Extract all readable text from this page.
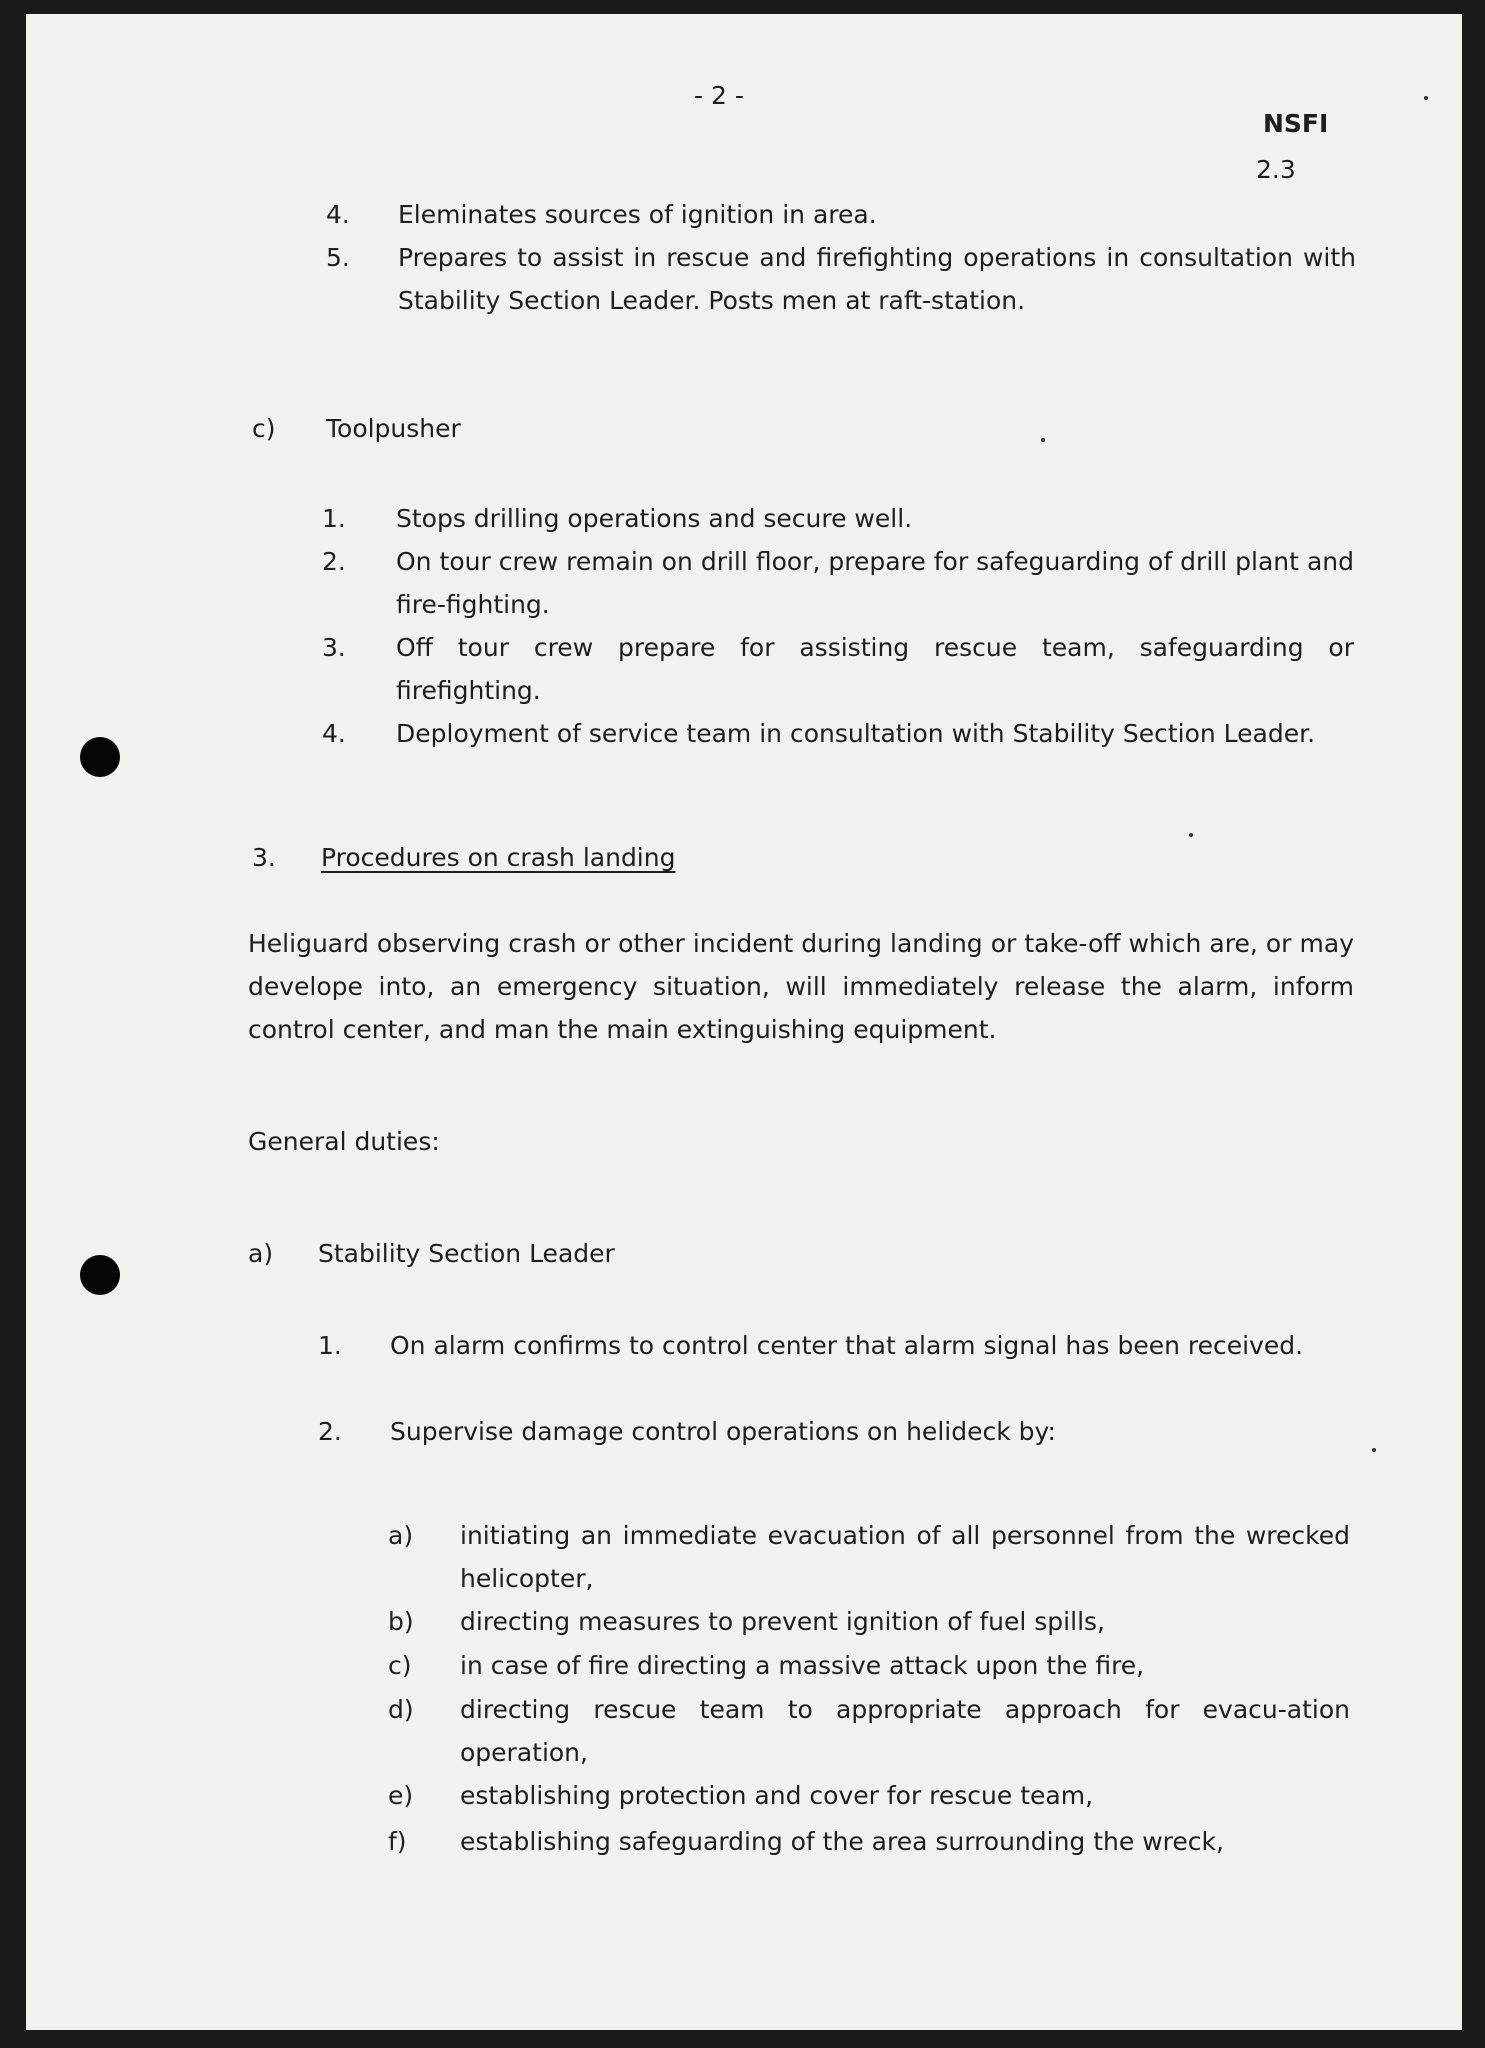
- 2 -
NSFI
2.3
4. Eleminates sources of ignition in area.
5. Prepares to assist in rescue and firefighting operations in consultation with Stability Section Leader. Posts men at raft-station.
c) Toolpusher
1. Stops drilling operations and secure well.
2. On tour crew remain on drill floor, prepare for safeguarding of drill plant and fire-fighting.
3. Off tour crew prepare for assisting rescue team, safeguarding or firefighting.
4. Deployment of service team in consultation with Stability Section Leader.
3. Procedures on crash landing
Heliguard observing crash or other incident during landing or take-off which are, or may develope into, an emergency situation, will immediately release the alarm, inform control center, and man the main extinguishing equipment.
General duties:
a) Stability Section Leader
1. On alarm confirms to control center that alarm signal has been received.
2. Supervise damage control operations on helideck by:
a) initiating an immediate evacuation of all personnel from the wrecked helicopter,
b) directing measures to prevent ignition of fuel spills,
c) in case of fire directing a massive attack upon the fire,
d) directing rescue team to appropriate approach for evacu-ation operation,
e) establishing protection and cover for rescue team,
f) establishing safeguarding of the area surrounding the wreck,
